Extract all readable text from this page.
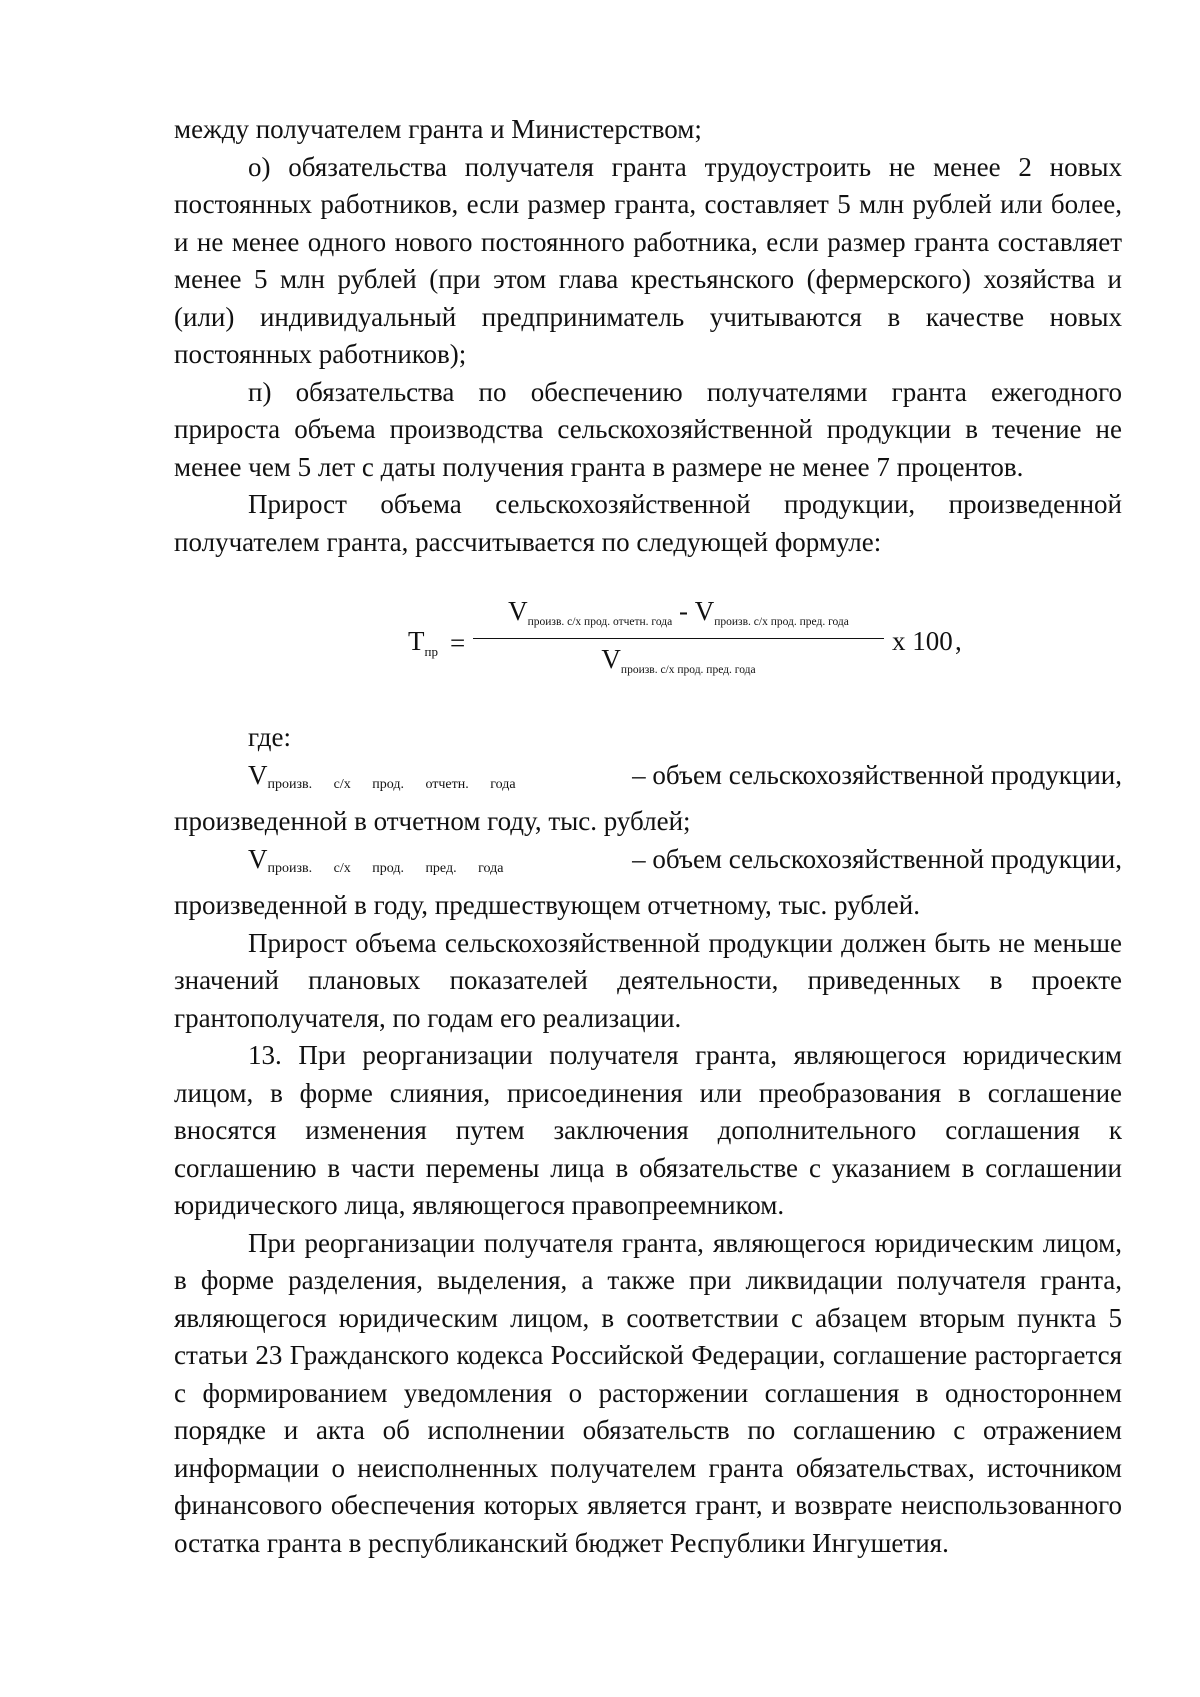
между получателем гранта и Министерством;

о) обязательства получателя гранта трудоустроить не менее 2 новых постоянных работников, если размер гранта, составляет 5 млн рублей или более, и не менее одного нового постоянного работника, если размер гранта составляет менее 5 млн рублей (при этом глава крестьянского (фермерского) хозяйства и (или) индивидуальный предприниматель учитываются в качестве новых постоянных работников);

п) обязательства по обеспечению получателями гранта ежегодного прироста объема производства сельскохозяйственной продукции в течение не менее чем 5 лет с даты получения гранта в размере не менее 7 процентов.

Прирост объема сельскохозяйственной продукции, произведенной получателем гранта, рассчитывается по следующей формуле:

$T_{пр}$ =
Vпроизв. с/х прод. отчетн. года - Vпроизв. с/х прод. пред. года
Vпроизв. с/х прод. пред. года
x 100 ,

где:

$V_{произв. с/х прод. отчетн. года}$	– объем сельскохозяйственной продукции,

произведенной в отчетном году, тыс. рублей;

$V_{произв. с/х прод. пред. года}$	– объем сельскохозяйственной продукции,

произведенной в году, предшествующем отчетному, тыс. рублей.

Прирост объема сельскохозяйственной продукции должен быть не меньше значений плановых показателей деятельности, приведенных в проекте грантополучателя, по годам его реализации.

13. При реорганизации получателя гранта, являющегося юридическим лицом, в форме слияния, присоединения или преобразования в соглашение вносятся изменения путем заключения дополнительного соглашения к соглашению в части перемены лица в обязательстве с указанием в соглашении юридического лица, являющегося правопреемником.

При реорганизации получателя гранта, являющегося юридическим лицом, в форме разделения, выделения, а также при ликвидации получателя гранта, являющегося юридическим лицом, в соответствии с абзацем вторым пункта 5 статьи 23 Гражданского кодекса Российской Федерации, соглашение расторгается с формированием уведомления о расторжении соглашения в одностороннем порядке и акта об исполнении обязательств по соглашению с отражением информации о неисполненных получателем гранта обязательствах, источником финансового обеспечения которых является грант, и возврате неиспользованного остатка гранта в республиканский бюджет Республики Ингушетия.
